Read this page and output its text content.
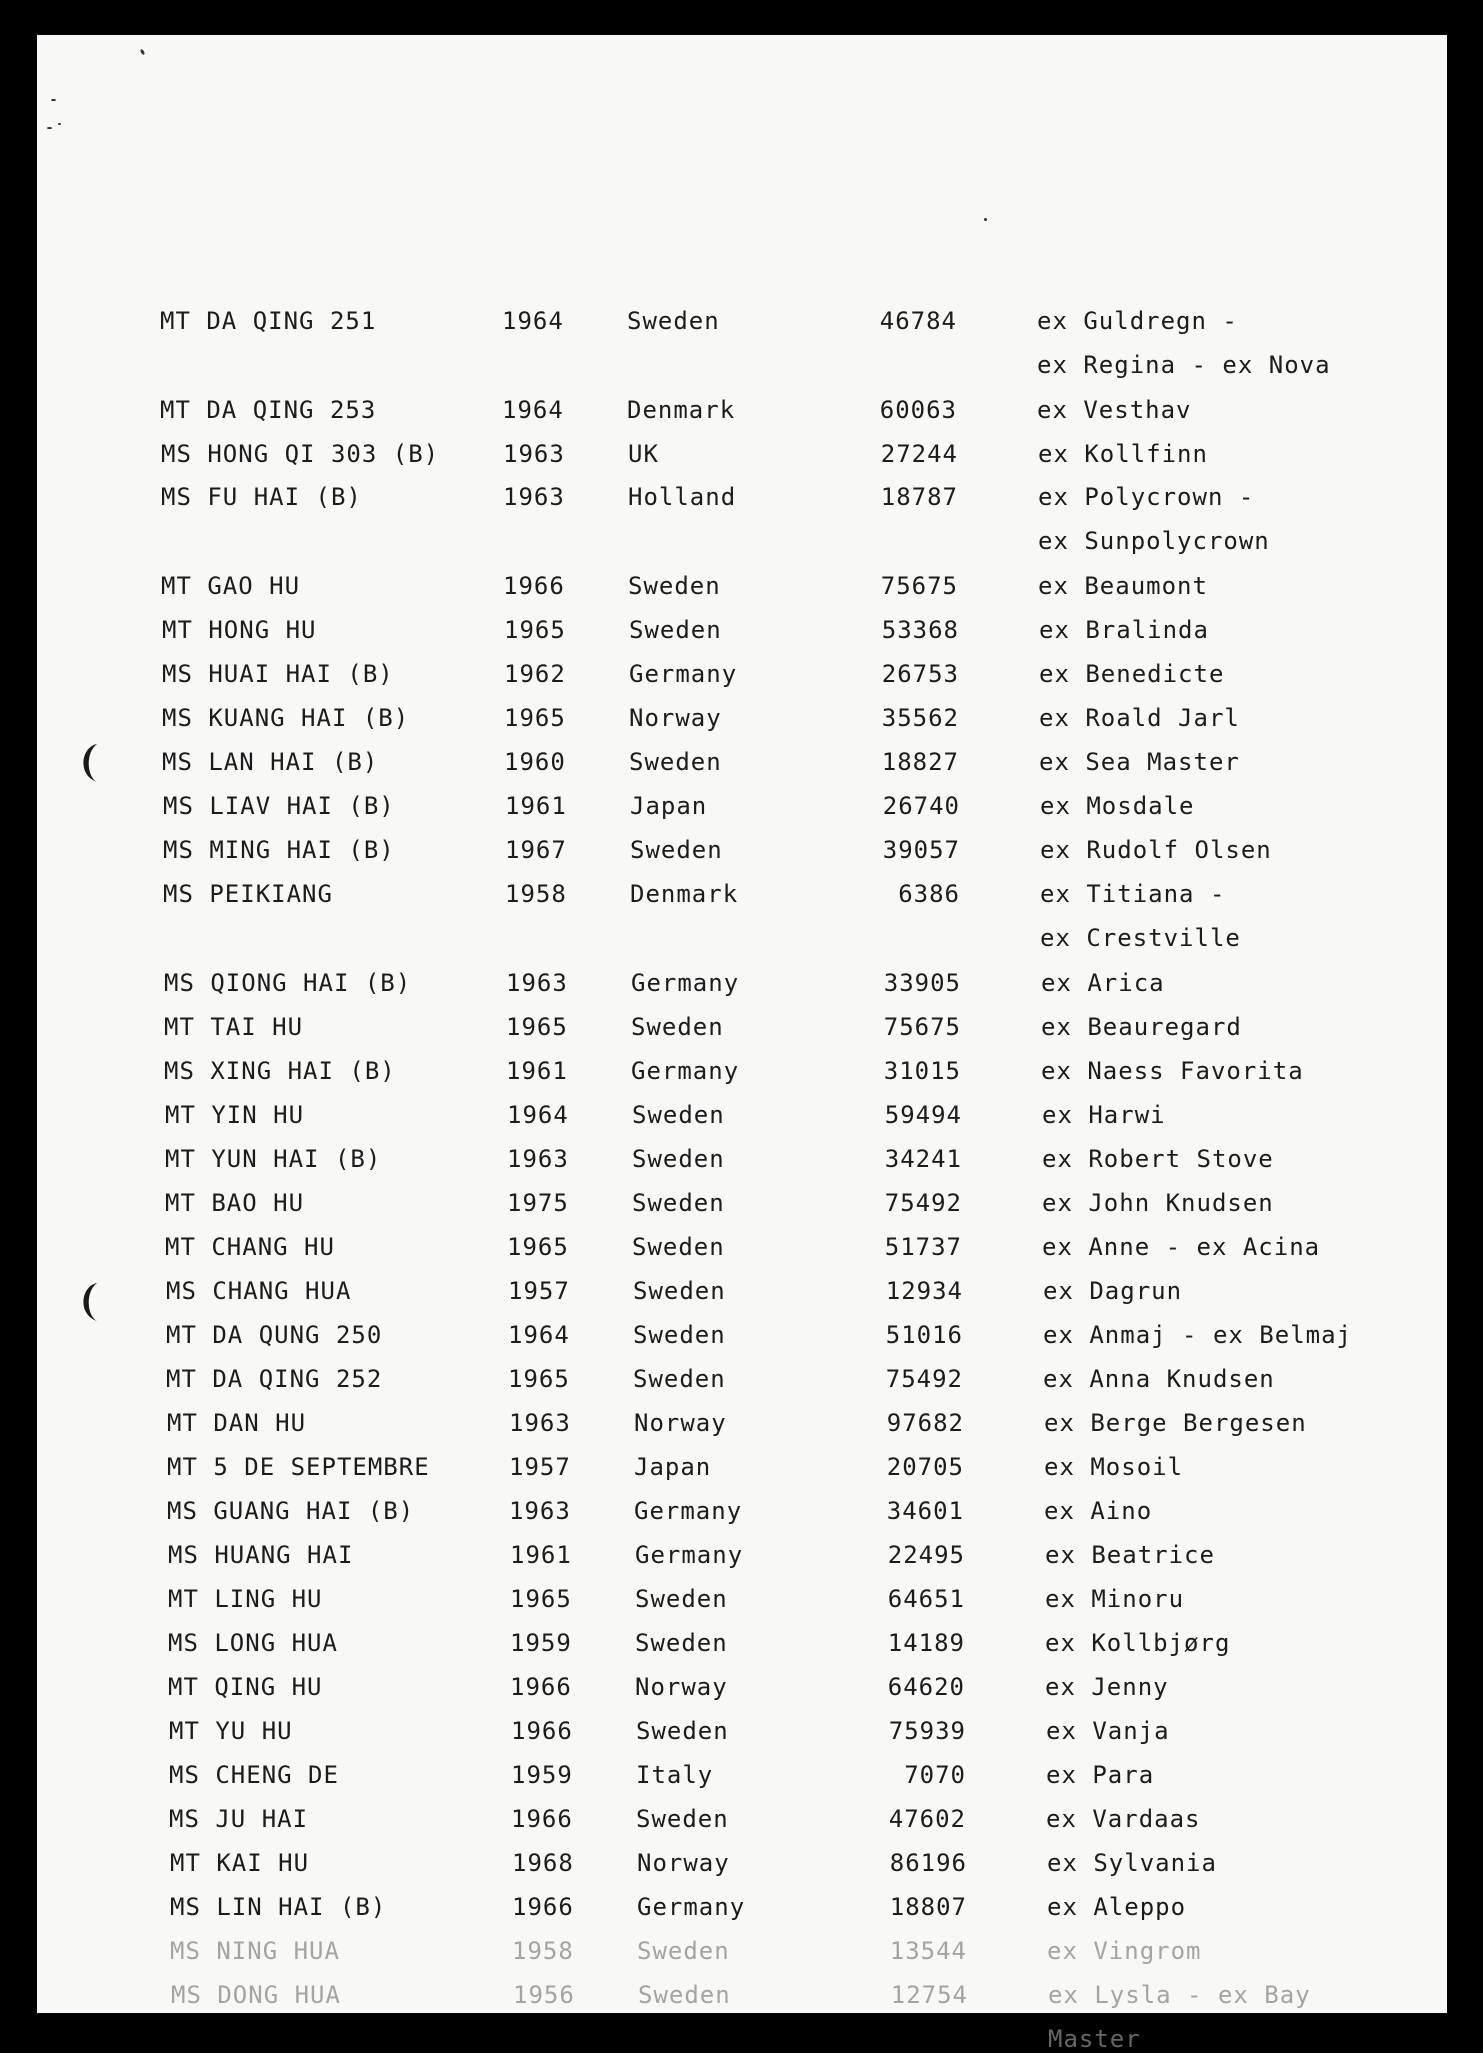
MT DA QING 251	1964	Sweden	46784	ex Guldregn -
ex Regina - ex Nova
MT DA QING 253	1964	Denmark	60063	ex Vesthav
MS HONG QI 303 (B)	1963	UK	27244	ex Kollfinn
MS FU HAI (B)	1963	Holland	18787	ex Polycrown -
ex Sunpolycrown
MT GAO HU	1966	Sweden	75675	ex Beaumont
MT HONG HU	1965	Sweden	53368	ex Bralinda
MS HUAI HAI (B)	1962	Germany	26753	ex Benedicte
MS KUANG HAI (B)	1965	Norway	35562	ex Roald Jarl
MS LAN HAI (B)	1960	Sweden	18827	ex Sea Master
MS LIAV HAI (B)	1961	Japan	26740	ex Mosdale
MS MING HAI (B)	1967	Sweden	39057	ex Rudolf Olsen
MS PEIKIANG	1958	Denmark	6386	ex Titiana -
ex Crestville
MS QIONG HAI (B)	1963	Germany	33905	ex Arica
MT TAI HU	1965	Sweden	75675	ex Beauregard
MS XING HAI (B)	1961	Germany	31015	ex Naess Favorita
MT YIN HU	1964	Sweden	59494	ex Harwi
MT YUN HAI (B)	1963	Sweden	34241	ex Robert Stove
MT BAO HU	1975	Sweden	75492	ex John Knudsen
MT CHANG HU	1965	Sweden	51737	ex Anne - ex Acina
MS CHANG HUA	1957	Sweden	12934	ex Dagrun
MT DA QUNG 250	1964	Sweden	51016	ex Anmaj - ex Belmaj
MT DA QING 252	1965	Sweden	75492	ex Anna Knudsen
MT DAN HU	1963	Norway	97682	ex Berge Bergesen
MT 5 DE SEPTEMBRE	1957	Japan	20705	ex Mosoil
MS GUANG HAI (B)	1963	Germany	34601	ex Aino
MS HUANG HAI	1961	Germany	22495	ex Beatrice
MT LING HU	1965	Sweden	64651	ex Minoru
MS LONG HUA	1959	Sweden	14189	ex Kollbjørg
MT QING HU	1966	Norway	64620	ex Jenny
MT YU HU	1966	Sweden	75939	ex Vanja
MS CHENG DE	1959	Italy	7070	ex Para
MS JU HAI	1966	Sweden	47602	ex Vardaas
MT KAI HU	1968	Norway	86196	ex Sylvania
MS LIN HAI (B)	1966	Germany	18807	ex Aleppo
MS NING HUA	1958	Sweden	13544	ex Vingrom
MS DONG HUA	1956	Sweden	12754	ex Lysla - ex Bay
Master
